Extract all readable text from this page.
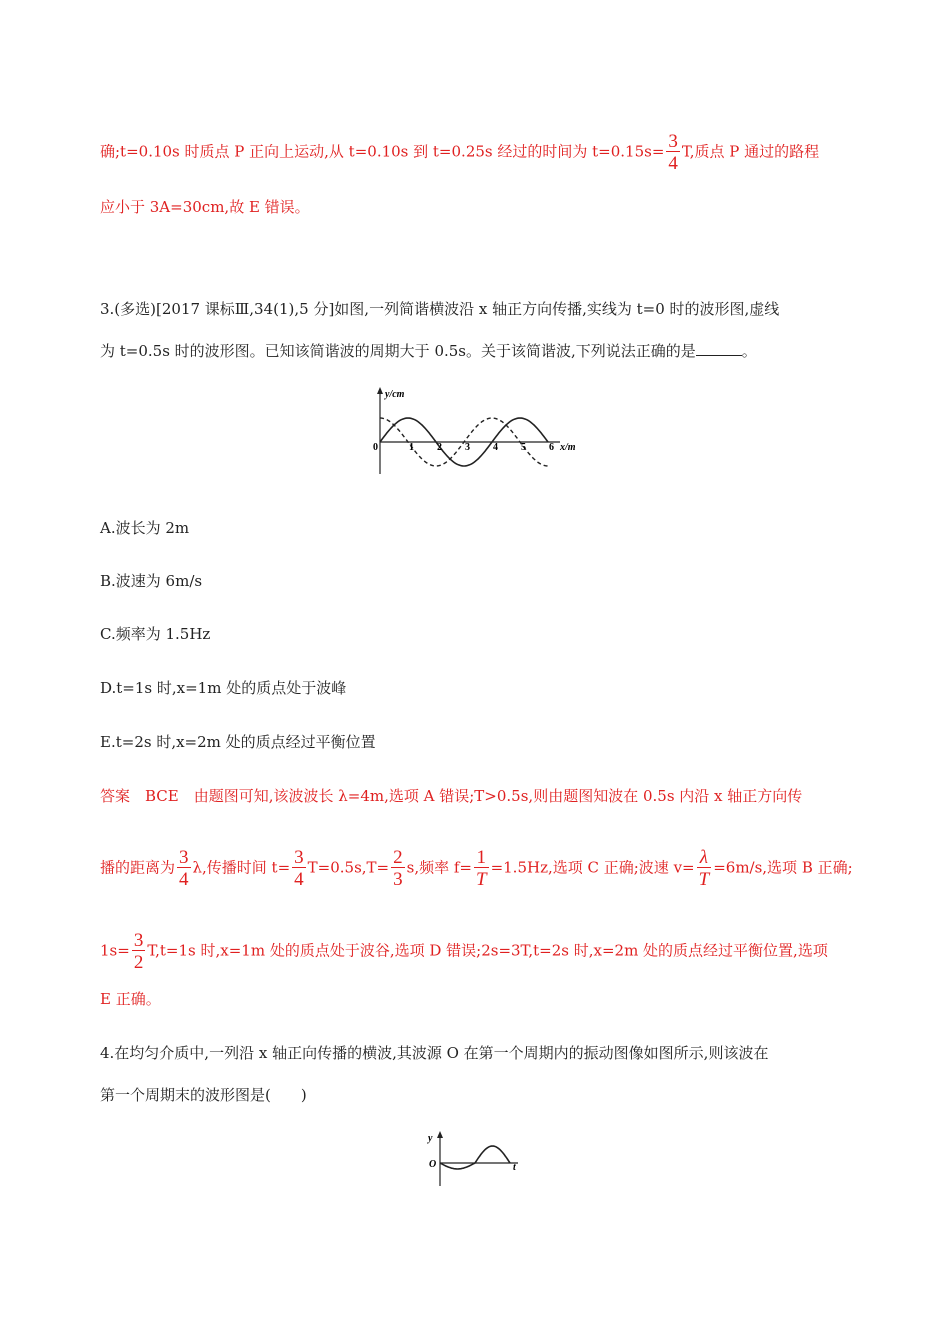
确;t=0.10s 时质点 P 正向上运动,从 t=0.10s 到 t=0.25s 经过的时间为 $t=0.15s= \frac{3}{4} T$,质点 P 通过的路程
应小于 3A=30cm,故 E 错误。
3.(多选)[2017 课标Ⅲ,34(1),5 分]如图,一列简谐横波沿 x 轴正方向传播,实线为 t=0 时的波形图,虚线
为 t=0.5s 时的波形图。已知该简谐波的周期大于 0.5s。关于该简谐波,下列说法正确的是	。
y/cm
0	x/m
1 2 3 4 5 6
A.波长为 2m
B.波速为 6m/s
C.频率为 1.5Hz
D.t=1s 时,x=1m 处的质点处于波峰
E.t=2s 时,x=2m 处的质点经过平衡位置
答案　BCE　由题图可知,该波波长 λ=4m,选项 A 错误;T>0.5s,则由题图知波在 0.5s 内沿 x 轴正方向传
播的距离为 $\frac{3}{4} \lambda$,传播时间 $t= \frac{3}{4} T=0.5s,T= \frac{2}{3} s$,频率 $f= \frac{1}{T} =1.5Hz$,选项 C 正确;波速 $v= \frac{\lambda}{T} =6m/s$,选项 B 正确;
$1s= \frac{3}{2} T,t=1s$ 时,x=1m 处的质点处于波谷,选项 D 错误;2s=3T,t=2s 时,x=2m 处的质点经过平衡位置,选项
E 正确。
4.在均匀介质中,一列沿 x 轴正向传播的横波,其波源 O 在第一个周期内的振动图像如图所示,则该波在
第一个周期末的波形图是(　　)
y
O	t
